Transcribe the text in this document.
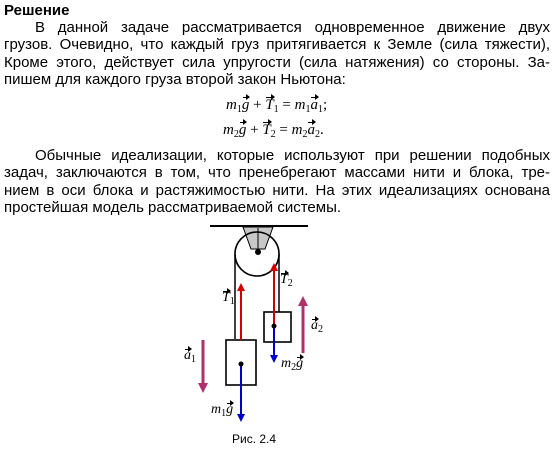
Решение

В данной задаче рассматривается одновременное движение двух
грузов. Очевидно, что каждый груз притягивается к Земле (сила тяжести),
Кроме этого, действует сила упругости (сила натяжения) со стороны. За-
пишем для каждого груза второй закон Ньютона:

$m_1g + T_1 = m_1a_1$;
$m_2g + T_2 = m_2a_2$.

Обычные идеализации, которые используют при решении подобных
задач, заключаются в том, что пренебрегают массами нити и блока, тре-
нием в оси блока и растяжимостью нити. На этих идеализациях основана
простейшая модель рассматриваемой системы.

$T_1$
$T_2$
$a_1$
$a_2$
$m_2g$
$m_1g$
Рис. 2.4
